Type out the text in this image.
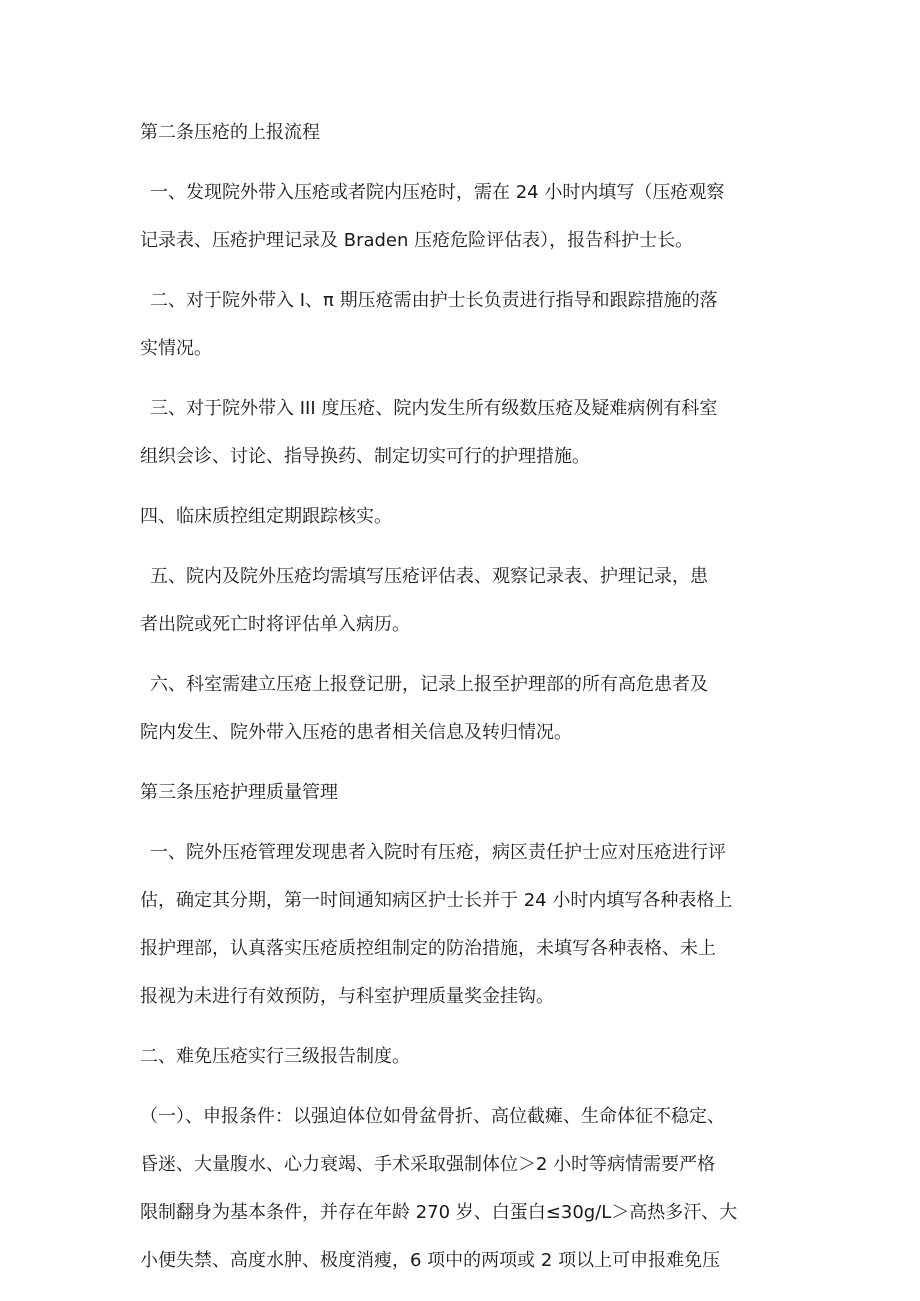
第二条压疮的上报流程
一、发现院外带入压疮或者院内压疮时，需在 24 小时内填写（压疮观察
记录表、压疮护理记录及 Braden 压疮危险评估表），报告科护士长。
二、对于院外带入 I、π 期压疮需由护士长负责进行指导和跟踪措施的落
实情况。
三、对于院外带入 III 度压疮、院内发生所有级数压疮及疑难病例有科室
组织会诊、讨论、指导换药、制定切实可行的护理措施。
四、临床质控组定期跟踪核实。
五、院内及院外压疮均需填写压疮评估表、观察记录表、护理记录，患
者出院或死亡时将评估单入病历。
六、科室需建立压疮上报登记册，记录上报至护理部的所有高危患者及
院内发生、院外带入压疮的患者相关信息及转归情况。
第三条压疮护理质量管理
一、院外压疮管理发现患者入院时有压疮，病区责任护士应对压疮进行评
估，确定其分期，第一时间通知病区护士长并于 24 小时内填写各种表格上
报护理部，认真落实压疮质控组制定的防治措施，未填写各种表格、未上
报视为未进行有效预防，与科室护理质量奖金挂钩。
二、难免压疮实行三级报告制度。
（一）、申报条件：以强迫体位如骨盆骨折、高位截瘫、生命体征不稳定、
昏迷、大量腹水、心力衰竭、手术采取强制体位＞2 小时等病情需要严格
限制翻身为基本条件，并存在年龄 270 岁、白蛋白≤30g/L＞高热多汗、大
小便失禁、高度水肿、极度消瘦，6 项中的两项或 2 项以上可申报难免压
